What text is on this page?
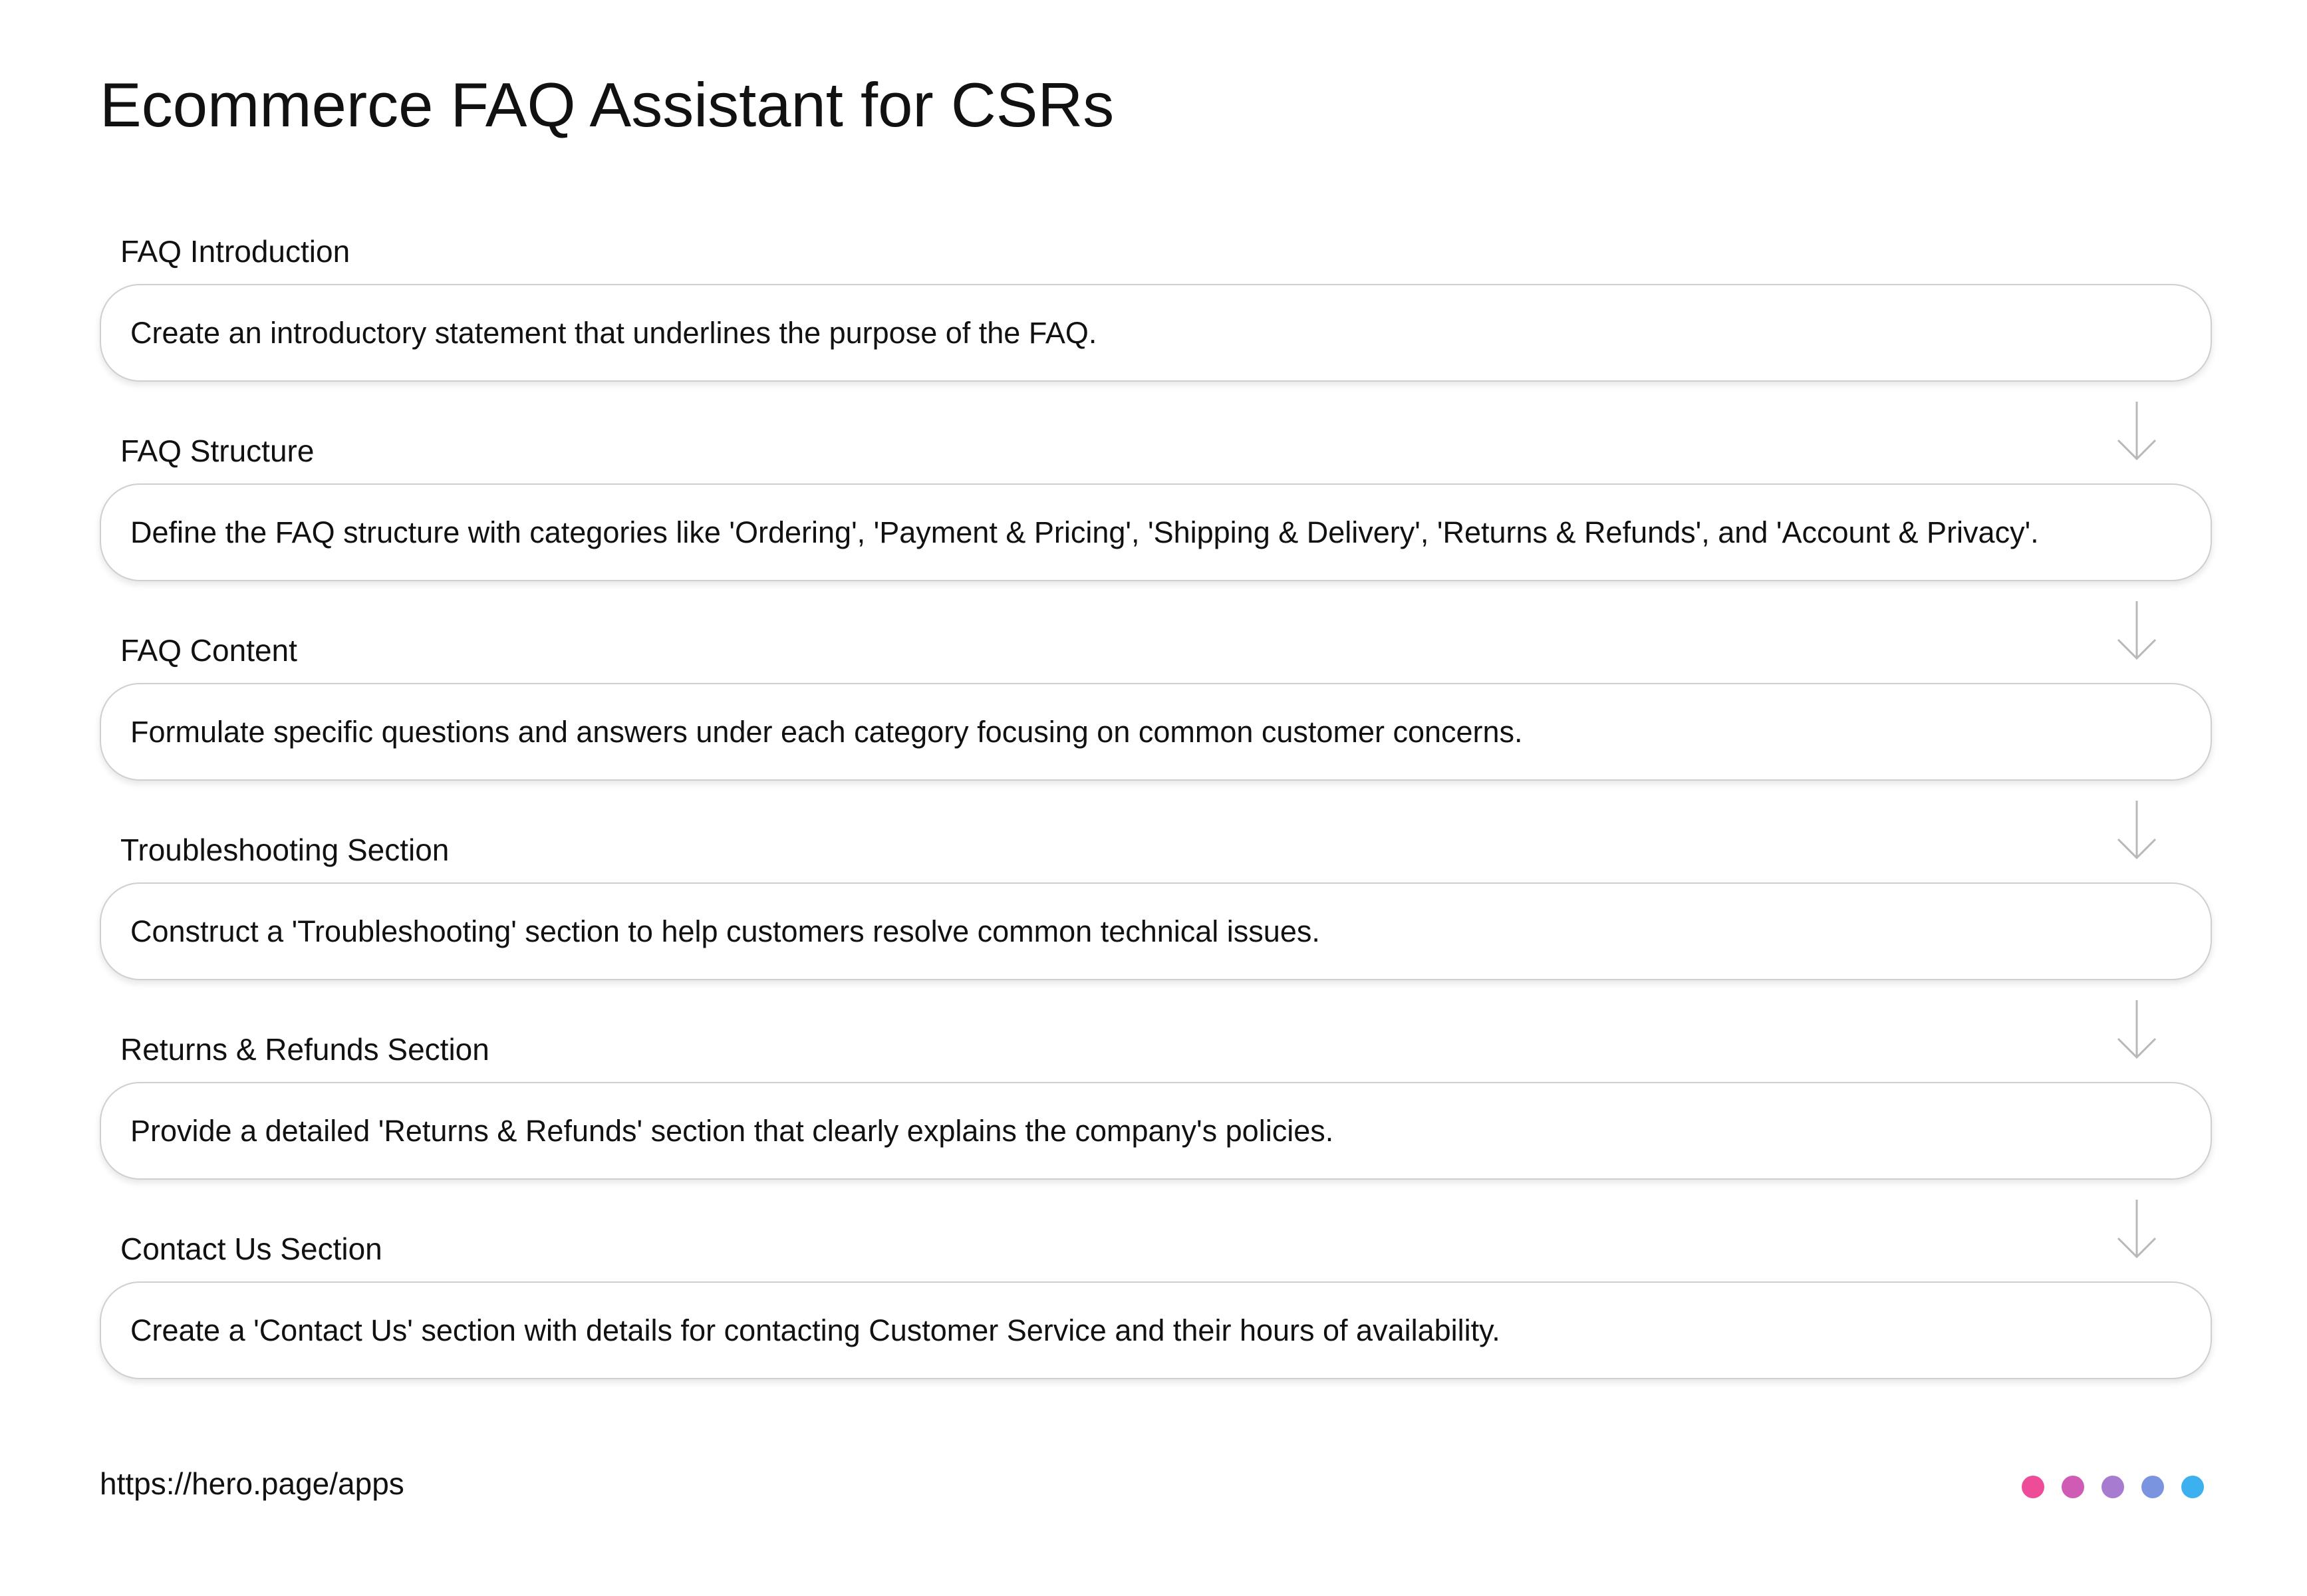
Ecommerce FAQ Assistant for CSRs
FAQ Introduction
Create an introductory statement that underlines the purpose of the FAQ.
FAQ Structure
Define the FAQ structure with categories like 'Ordering', 'Payment & Pricing', 'Shipping & Delivery', 'Returns & Refunds', and 'Account & Privacy'.
FAQ Content
Formulate specific questions and answers under each category focusing on common customer concerns.
Troubleshooting Section
Construct a 'Troubleshooting' section to help customers resolve common technical issues.
Returns & Refunds Section
Provide a detailed 'Returns & Refunds' section that clearly explains the company's policies.
Contact Us Section
Create a 'Contact Us' section with details for contacting Customer Service and their hours of availability.
https://hero.page/apps
